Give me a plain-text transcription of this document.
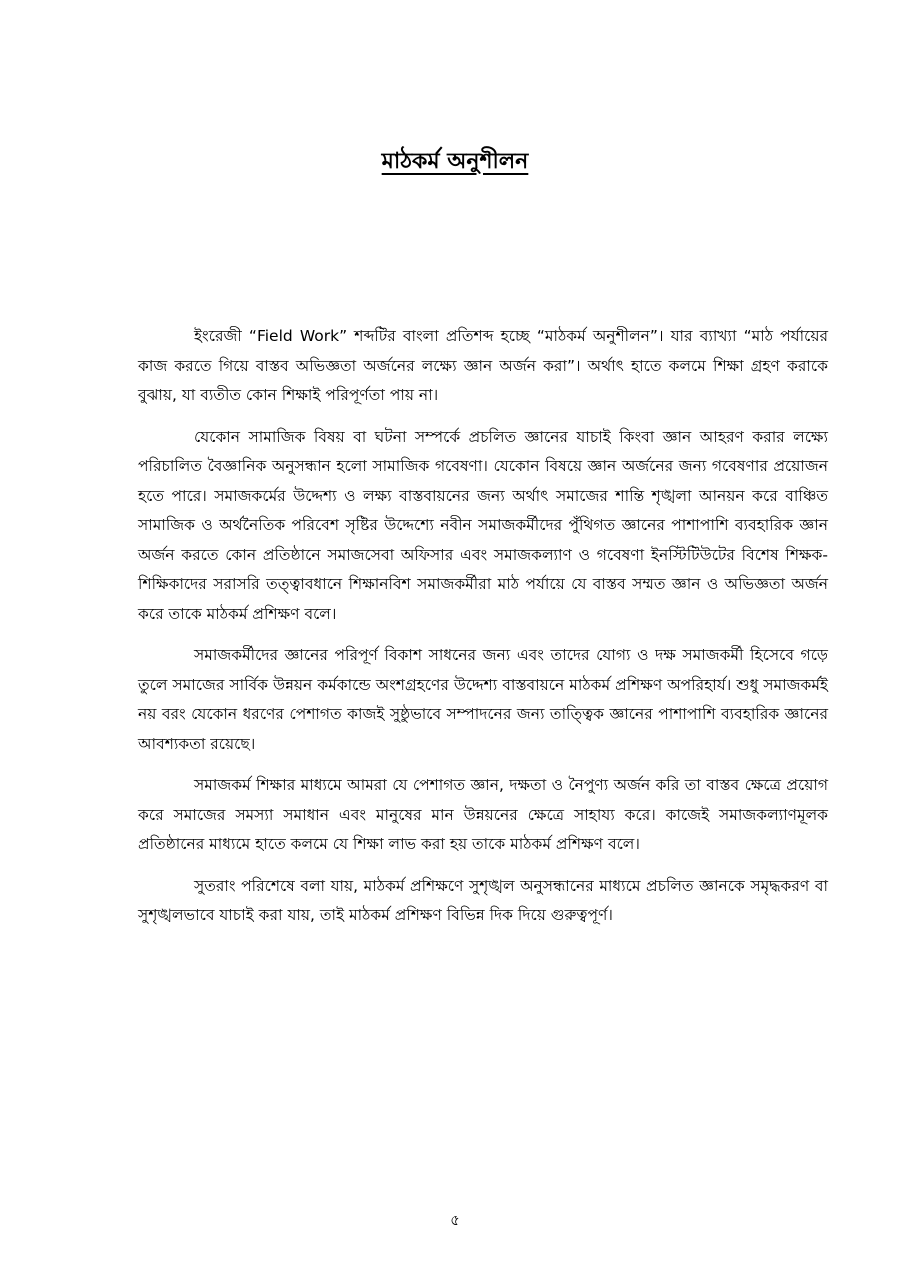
মাঠকর্ম অনুশীলন

ইংরেজী “Field Work” শব্দটির বাংলা প্রতিশব্দ হচ্ছে “মাঠকর্ম অনুশীলন”। যার ব্যাখ্যা “মাঠ পর্যায়ের কাজ করতে গিয়ে বাস্তব অভিজ্ঞতা অর্জনের লক্ষ্যে জ্ঞান অর্জন করা”। অর্থাৎ হাতে কলমে শিক্ষা গ্রহণ করাকে বুঝায়, যা ব্যতীত কোন শিক্ষাই পরিপূর্ণতা পায় না।

যেকোন সামাজিক বিষয় বা ঘটনা সম্পর্কে প্রচলিত জ্ঞানের যাচাই কিংবা জ্ঞান আহরণ করার লক্ষ্যে পরিচালিত বৈজ্ঞানিক অনুসন্ধান হলো সামাজিক গবেষণা। যেকোন বিষয়ে জ্ঞান অর্জনের জন্য গবেষণার প্রয়োজন হতে পারে। সমাজকর্মের উদ্দেশ্য ও লক্ষ্য বাস্তবায়নের জন্য অর্থাৎ সমাজের শান্তি শৃঙ্খলা আনয়ন করে বাঞ্চিত সামাজিক ও অর্থনৈতিক পরিবেশ সৃষ্টির উদ্দেশ্যে নবীন সমাজকর্মীদের পুঁথিগত জ্ঞানের পাশাপাশি ব্যবহারিক জ্ঞান অর্জন করতে কোন প্রতিষ্ঠানে সমাজসেবা অফিসার এবং সমাজকল্যাণ ও গবেষণা ইনস্টিটিউটের বিশেষ শিক্ষক-শিক্ষিকাদের সরাসরি তত্ত্বাবধানে শিক্ষানবিশ সমাজকর্মীরা মাঠ পর্যায়ে যে বাস্তব সম্মত জ্ঞান ও অভিজ্ঞতা অর্জন করে তাকে মাঠকর্ম প্রশিক্ষণ বলে।

সমাজকর্মীদের জ্ঞানের পরিপূর্ণ বিকাশ সাধনের জন্য এবং তাদের যোগ্য ও দক্ষ সমাজকর্মী হিসেবে গড়ে তুলে সমাজের সার্বিক উন্নয়ন কর্মকান্ডে অংশগ্রহণের উদ্দেশ্য বাস্তবায়নে মাঠকর্ম প্রশিক্ষণ অপরিহার্য। শুধু সমাজকর্মই নয় বরং যেকোন ধরণের পেশাগত কাজই সুষ্ঠুভাবে সম্পাদনের জন্য তাত্ত্বিক জ্ঞানের পাশাপাশি ব্যবহারিক জ্ঞানের আবশ্যকতা রয়েছে।

সমাজকর্ম শিক্ষার মাধ্যমে আমরা যে পেশাগত জ্ঞান, দক্ষতা ও নৈপুণ্য অর্জন করি তা বাস্তব ক্ষেত্রে প্রয়োগ করে সমাজের সমস্যা সমাধান এবং মানুষের মান উন্নয়নের ক্ষেত্রে সাহায্য করে। কাজেই সমাজকল্যাণমূলক প্রতিষ্ঠানের মাধ্যমে হাতে কলমে যে শিক্ষা লাভ করা হয় তাকে মাঠকর্ম প্রশিক্ষণ বলে।

সুতরাং পরিশেষে বলা যায়, মাঠকর্ম প্রশিক্ষণে সুশৃঙ্খল অনুসন্ধানের মাধ্যমে প্রচলিত জ্ঞানকে সমৃদ্ধকরণ বা সুশৃঙ্খলভাবে যাচাই করা যায়, তাই মাঠকর্ম প্রশিক্ষণ বিভিন্ন দিক দিয়ে গুরুত্বপূর্ণ।

৫
